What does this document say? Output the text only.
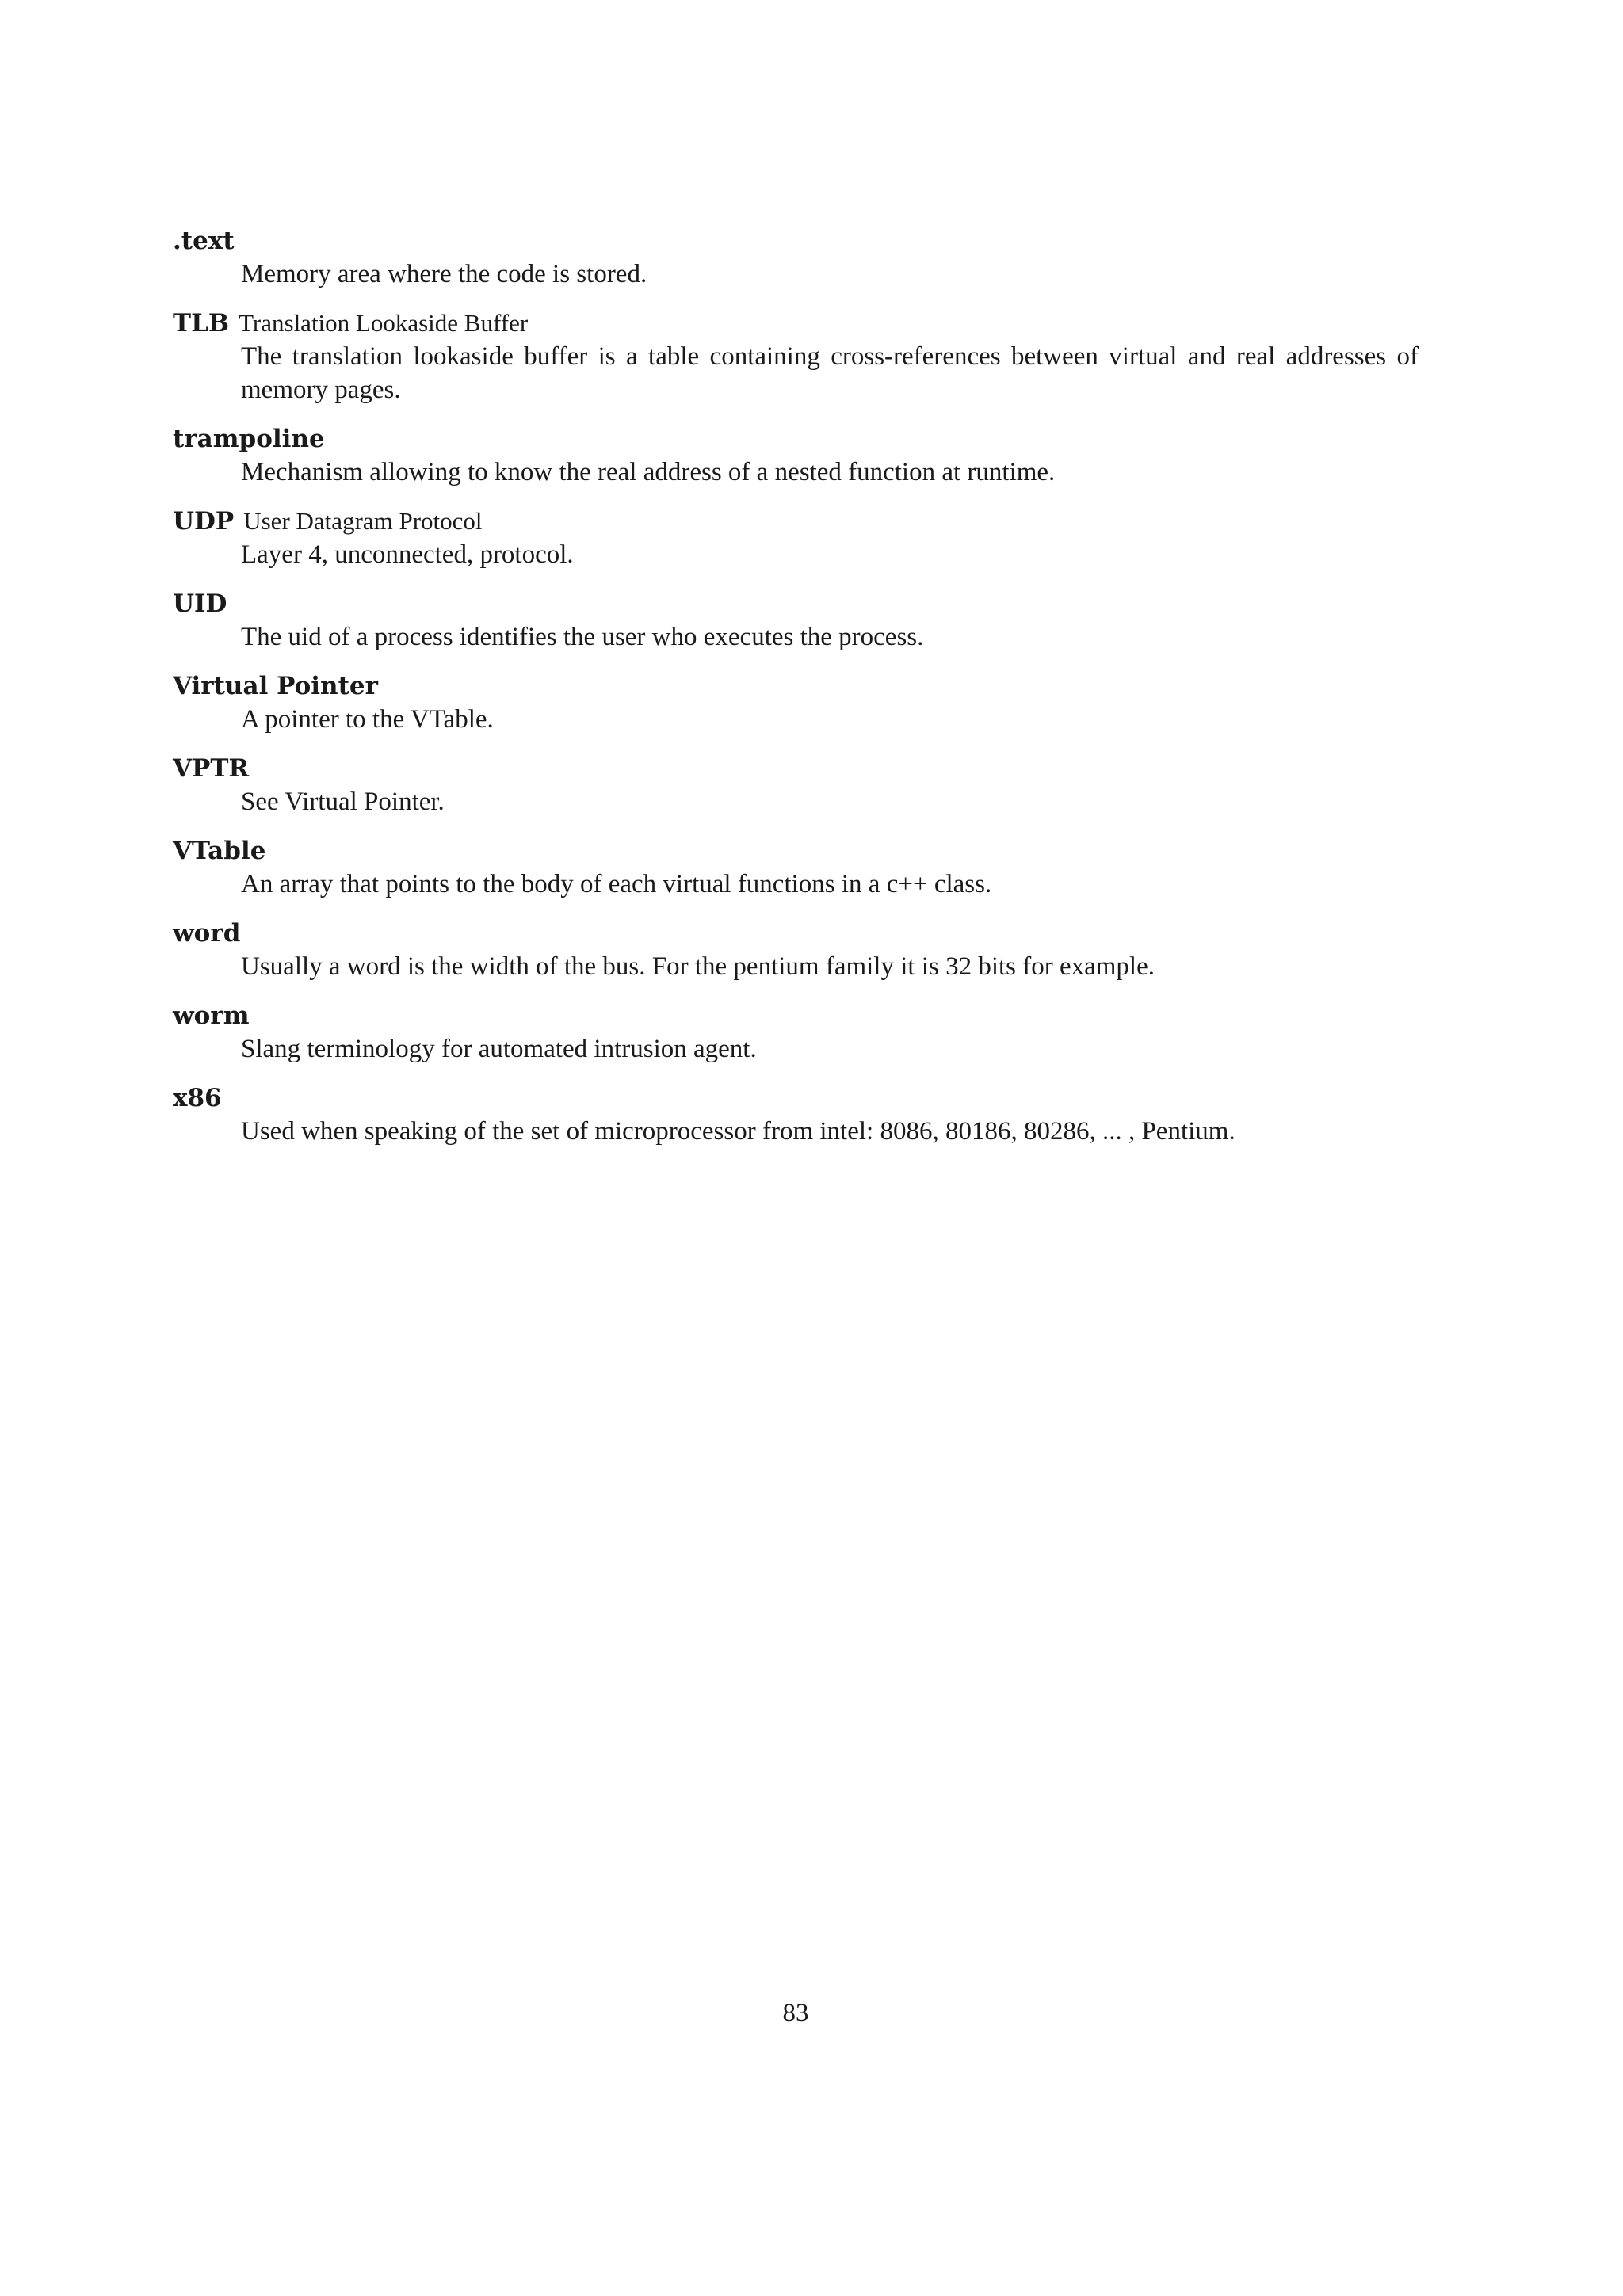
.text
Memory area where the code is stored.
TLB Translation Lookaside Buffer
The translation lookaside buffer is a table containing cross-references between virtual and real addresses of memory pages.
trampoline
Mechanism allowing to know the real address of a nested function at runtime.
UDP User Datagram Protocol
Layer 4, unconnected, protocol.
UID
The uid of a process identifies the user who executes the process.
Virtual Pointer
A pointer to the VTable.
VPTR
See Virtual Pointer.
VTable
An array that points to the body of each virtual functions in a c++ class.
word
Usually a word is the width of the bus. For the pentium family it is 32 bits for example.
worm
Slang terminology for automated intrusion agent.
x86
Used when speaking of the set of microprocessor from intel: 8086, 80186, 80286, ... , Pentium.
83
